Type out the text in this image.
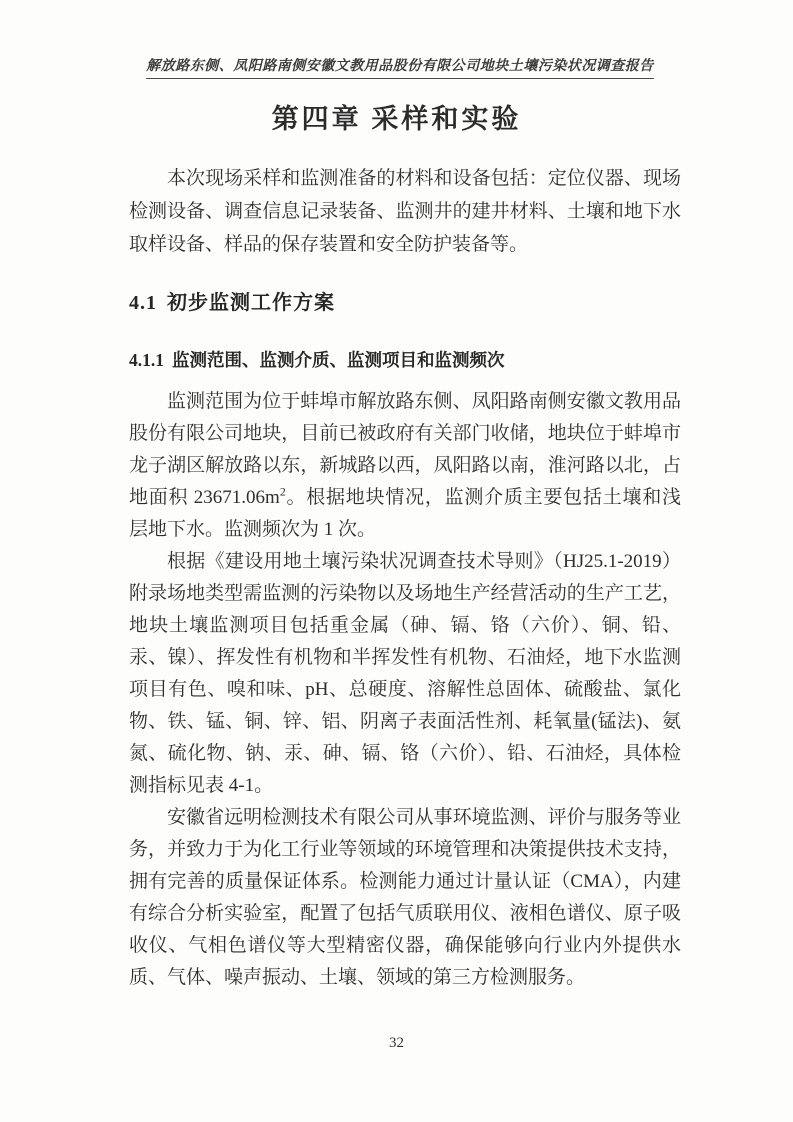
解放路东侧、凤阳路南侧安徽文教用品股份有限公司地块土壤污染状况调查报告
第四章 采样和实验

本次现场采样和监测准备的材料和设备包括：定位仪器、现场检测设备、调查信息记录装备、监测井的建井材料、土壤和地下水取样设备、样品的保存装置和安全防护装备等。

4.1 初步监测工作方案
4.1.1 监测范围、监测介质、监测项目和监测频次

监测范围为位于蚌埠市解放路东侧、凤阳路南侧安徽文教用品股份有限公司地块，目前已被政府有关部门收储，地块位于蚌埠市龙子湖区解放路以东，新城路以西，凤阳路以南，淮河路以北，占地面积 $23671.06m^2$。根据地块情况，监测介质主要包括土壤和浅层地下水。监测频次为 1 次。

根据《建设用地土壤污染状况调查技术导则》（HJ25.1-2019）附录场地类型需监测的污染物以及场地生产经营活动的生产工艺，地块土壤监测项目包括重金属（砷、镉、铬（六价）、铜、铅、汞、镍）、挥发性有机物和半挥发性有机物、石油烃，地下水监测项目有色、嗅和味、pH、总硬度、溶解性总固体、硫酸盐、氯化物、铁、锰、铜、锌、铝、阴离子表面活性剂、耗氧量(锰法)、氨氮、硫化物、钠、汞、砷、镉、铬（六价）、铅、石油烃，具体检测指标见表 4-1。

安徽省远明检测技术有限公司从事环境监测、评价与服务等业务，并致力于为化工行业等领域的环境管理和决策提供技术支持，拥有完善的质量保证体系。检测能力通过计量认证（CMA），内建有综合分析实验室，配置了包括气质联用仪、液相色谱仪、原子吸收仪、气相色谱仪等大型精密仪器，确保能够向行业内外提供水质、气体、噪声振动、土壤、领域的第三方检测服务。

32
